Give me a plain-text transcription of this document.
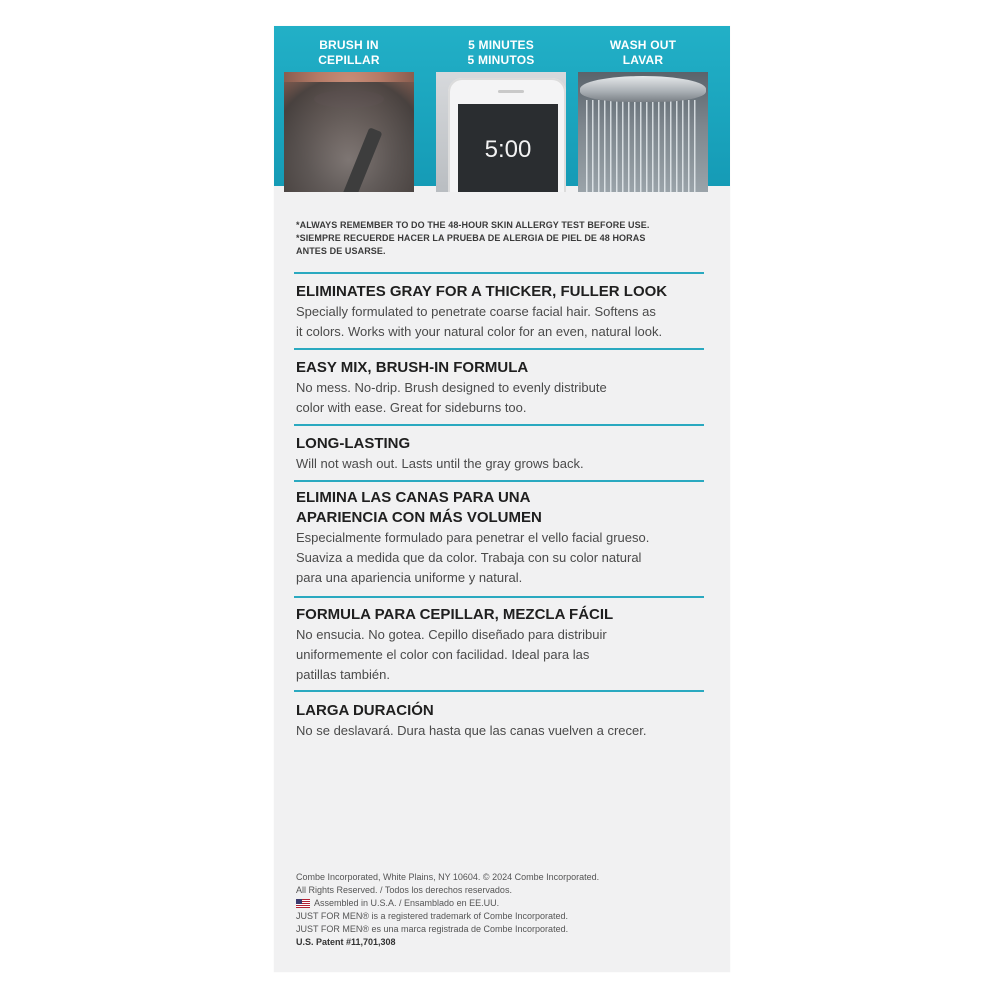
BRUSH IN
CEPILLAR
5 MINUTES
5 MINUTOS
5:00
WASH OUT
LAVAR
*ALWAYS REMEMBER TO DO THE 48-HOUR SKIN ALLERGY TEST BEFORE USE.
*SIEMPRE RECUERDE HACER LA PRUEBA DE ALERGIA DE PIEL DE 48 HORAS
ANTES DE USARSE.
ELIMINATES GRAY FOR A THICKER, FULLER LOOK

Specially formulated to penetrate coarse facial hair. Softens as
it colors. Works with your natural color for an even, natural look.

EASY MIX, BRUSH-IN FORMULA

No mess. No-drip. Brush designed to evenly distribute
color with ease. Great for sideburns too.

LONG-LASTING

Will not wash out. Lasts until the gray grows back.

ELIMINA LAS CANAS PARA UNA
APARIENCIA CON MÁS VOLUMEN

Especialmente formulado para penetrar el vello facial grueso.
Suaviza a medida que da color. Trabaja con su color natural
para una apariencia uniforme y natural.

FORMULA PARA CEPILLAR, MEZCLA FÁCIL

No ensucia. No gotea. Cepillo diseñado para distribuir
uniformemente el color con facilidad. Ideal para las
patillas también.

LARGA DURACIÓN

No se deslavará. Dura hasta que las canas vuelven a crecer.

Combe Incorporated, White Plains, NY 10604. © 2024 Combe Incorporated.
All Rights Reserved. / Todos los derechos reservados.
Assembled in U.S.A. / Ensamblado en EE.UU.
JUST FOR MEN® is a registered trademark of Combe Incorporated.
JUST FOR MEN® es una marca registrada de Combe Incorporated.
U.S. Patent #11,701,308
